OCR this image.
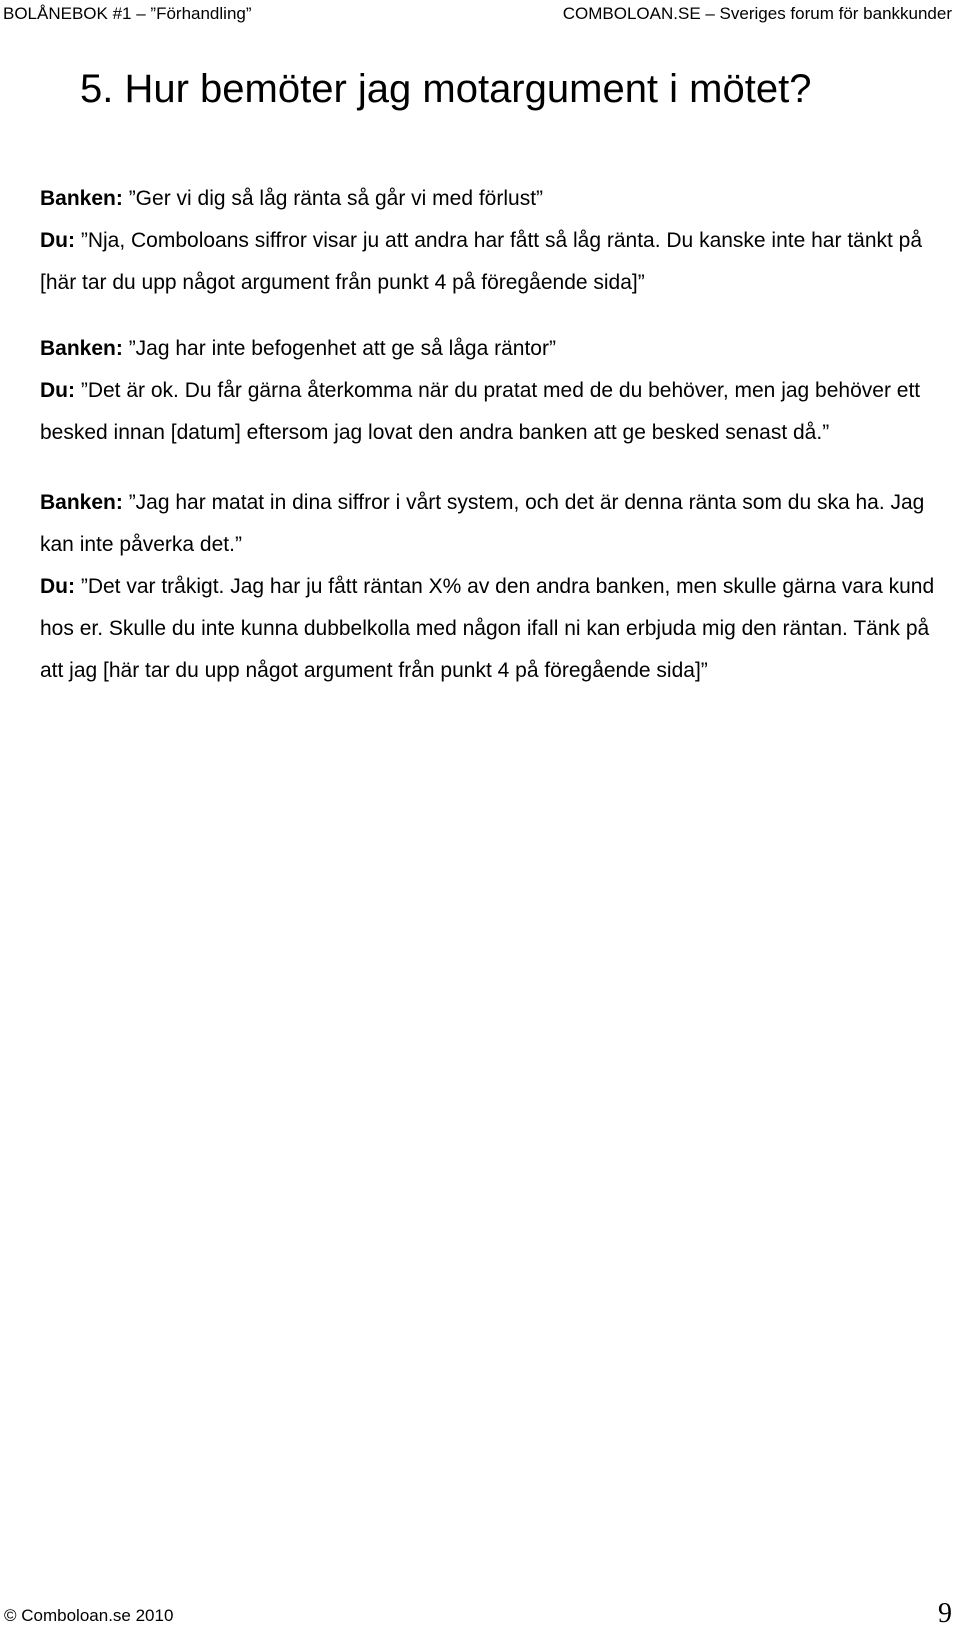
BOLÅNEBOK #1 – ”Förhandling”	COMBOLOAN.SE – Sveriges forum för bankkunder
5. Hur bemöter jag motargument i mötet?

Banken: ”Ger vi dig så låg ränta så går vi med förlust”

Du: ”Nja, Comboloans siffror visar ju att andra har fått så låg ränta. Du kanske inte har tänkt på [här tar du upp något argument från punkt 4 på föregående sida]”

Banken: ”Jag har inte befogenhet att ge så låga räntor”

Du: ”Det är ok. Du får gärna återkomma när du pratat med de du behöver, men jag behöver ett besked innan [datum] eftersom jag lovat den andra banken att ge besked senast då.”

Banken: ”Jag har matat in dina siffror i vårt system, och det är denna ränta som du ska ha. Jag kan inte påverka det.”

Du: ”Det var tråkigt. Jag har ju fått räntan X% av den andra banken, men skulle gärna vara kund hos er. Skulle du inte kunna dubbelkolla med någon ifall ni kan erbjuda mig den räntan. Tänk på att jag [här tar du upp något argument från punkt 4 på föregående sida]”

© Comboloan.se 2010	9
